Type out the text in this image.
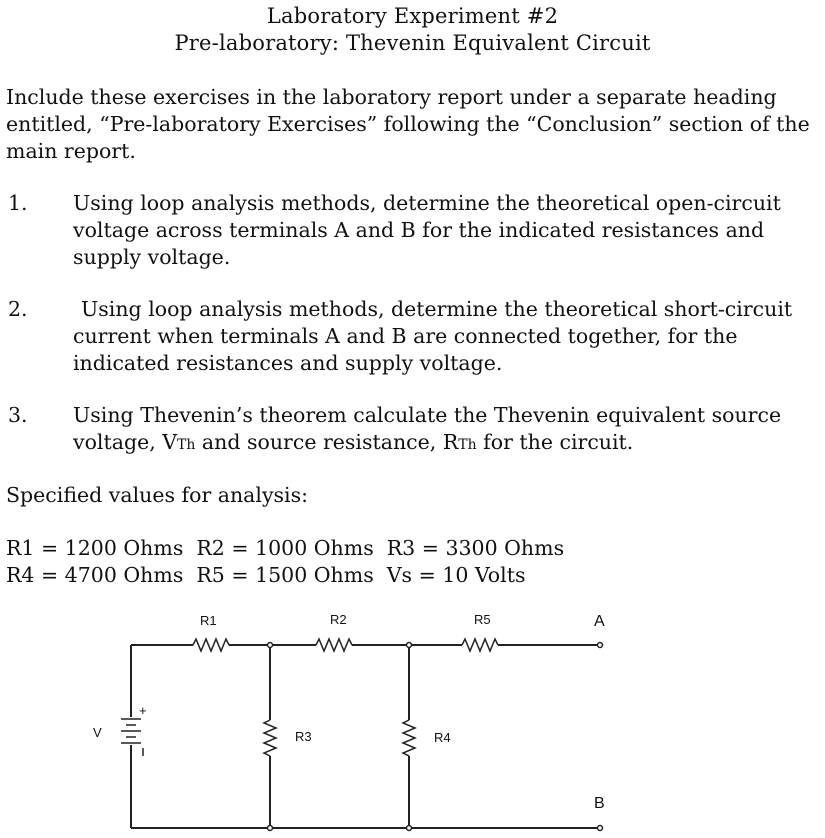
Laboratory Experiment #2
Pre-laboratory: Thevenin Equivalent Circuit
Include these exercises in the laboratory report under a separate heading entitled, “Pre-laboratory Exercises” following the “Conclusion” section of the main report.
1. Using loop analysis methods, determine the theoretical open-circuit voltage across terminals A and B for the indicated resistances and supply voltage.
2.	Using loop analysis methods, determine the theoretical short-circuit current when terminals A and B are connected together, for the indicated resistances and supply voltage.
3. Using Thevenin’s theorem calculate the Thevenin equivalent source voltage, VTh and source resistance, RTh for the circuit.
Specified values for analysis:
R1 = 1200 Ohms  R2 = 1000 Ohms  R3 = 3300 Ohms
R4 = 4700 Ohms  R5 = 1500 Ohms  Vs = 10 Volts
R1	R2	R5
R3	R4
V
+
A
B
